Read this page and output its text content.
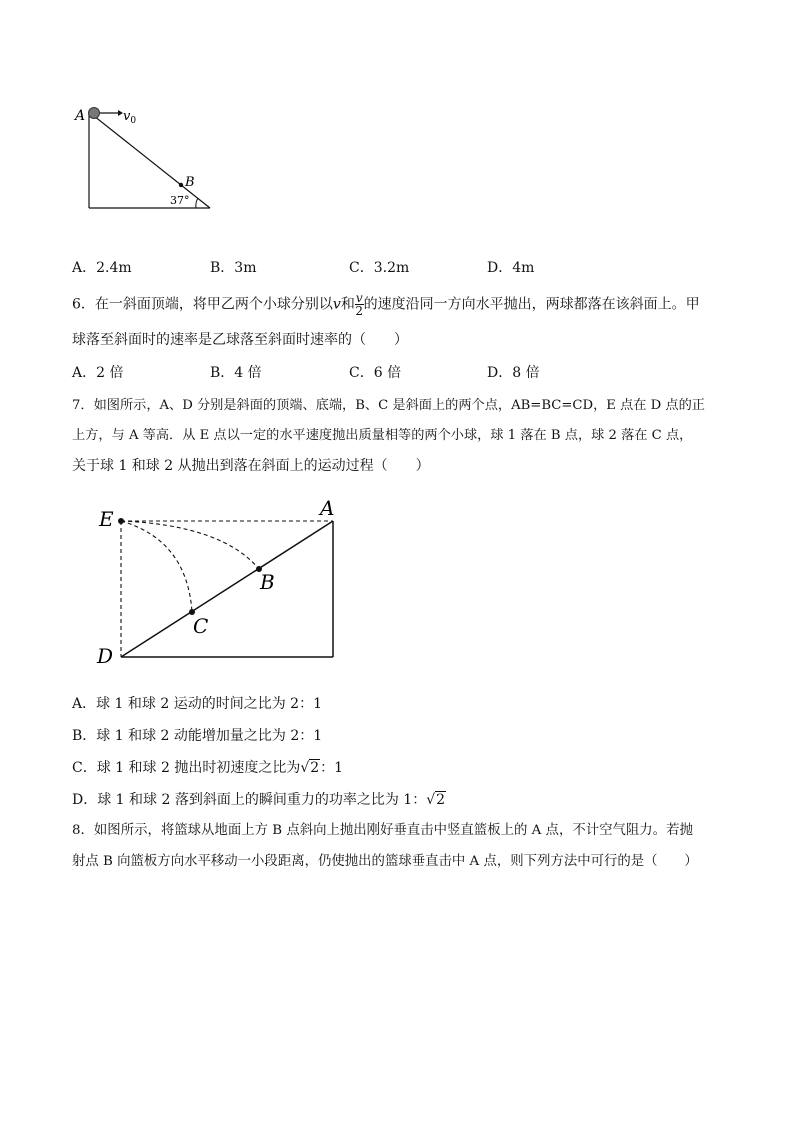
A	$v_0$
B
37°
A．2.4m	B．3m	C．3.2m	D．4m
6．在一斜面顶端，将甲乙两个小球分别以v和 $\frac{v}{2}$ 的速度沿同一方向水平抛出，两球都落在该斜面上。甲
球落至斜面时的速率是乙球落至斜面时速率的（　　）
A．2 倍	B．4 倍	C．6 倍	D．8 倍
7．如图所示，A、D 分别是斜面的顶端、底端，B、C 是斜面上的两个点，AB=BC=CD，E 点在 D 点的正
上方，与 A 等高．从 E 点以一定的水平速度抛出质量相等的两个小球，球 1 落在 B 点，球 2 落在 C 点，
关于球 1 和球 2 从抛出到落在斜面上的运动过程（　　）
E	A
B
C
D
A．球 1 和球 2 运动的时间之比为 2：1
B．球 1 和球 2 动能增加量之比为 2：1
C．球 1 和球 2 抛出时初速度之比为√2：1
D．球 1 和球 2 落到斜面上的瞬间重力的功率之比为 1：√2
8．如图所示，将篮球从地面上方 B 点斜向上抛出刚好垂直击中竖直篮板上的 A 点，不计空气阻力。若抛
射点 B 向篮板方向水平移动一小段距离，仍使抛出的篮球垂直击中 A 点，则下列方法中可行的是（　　）
